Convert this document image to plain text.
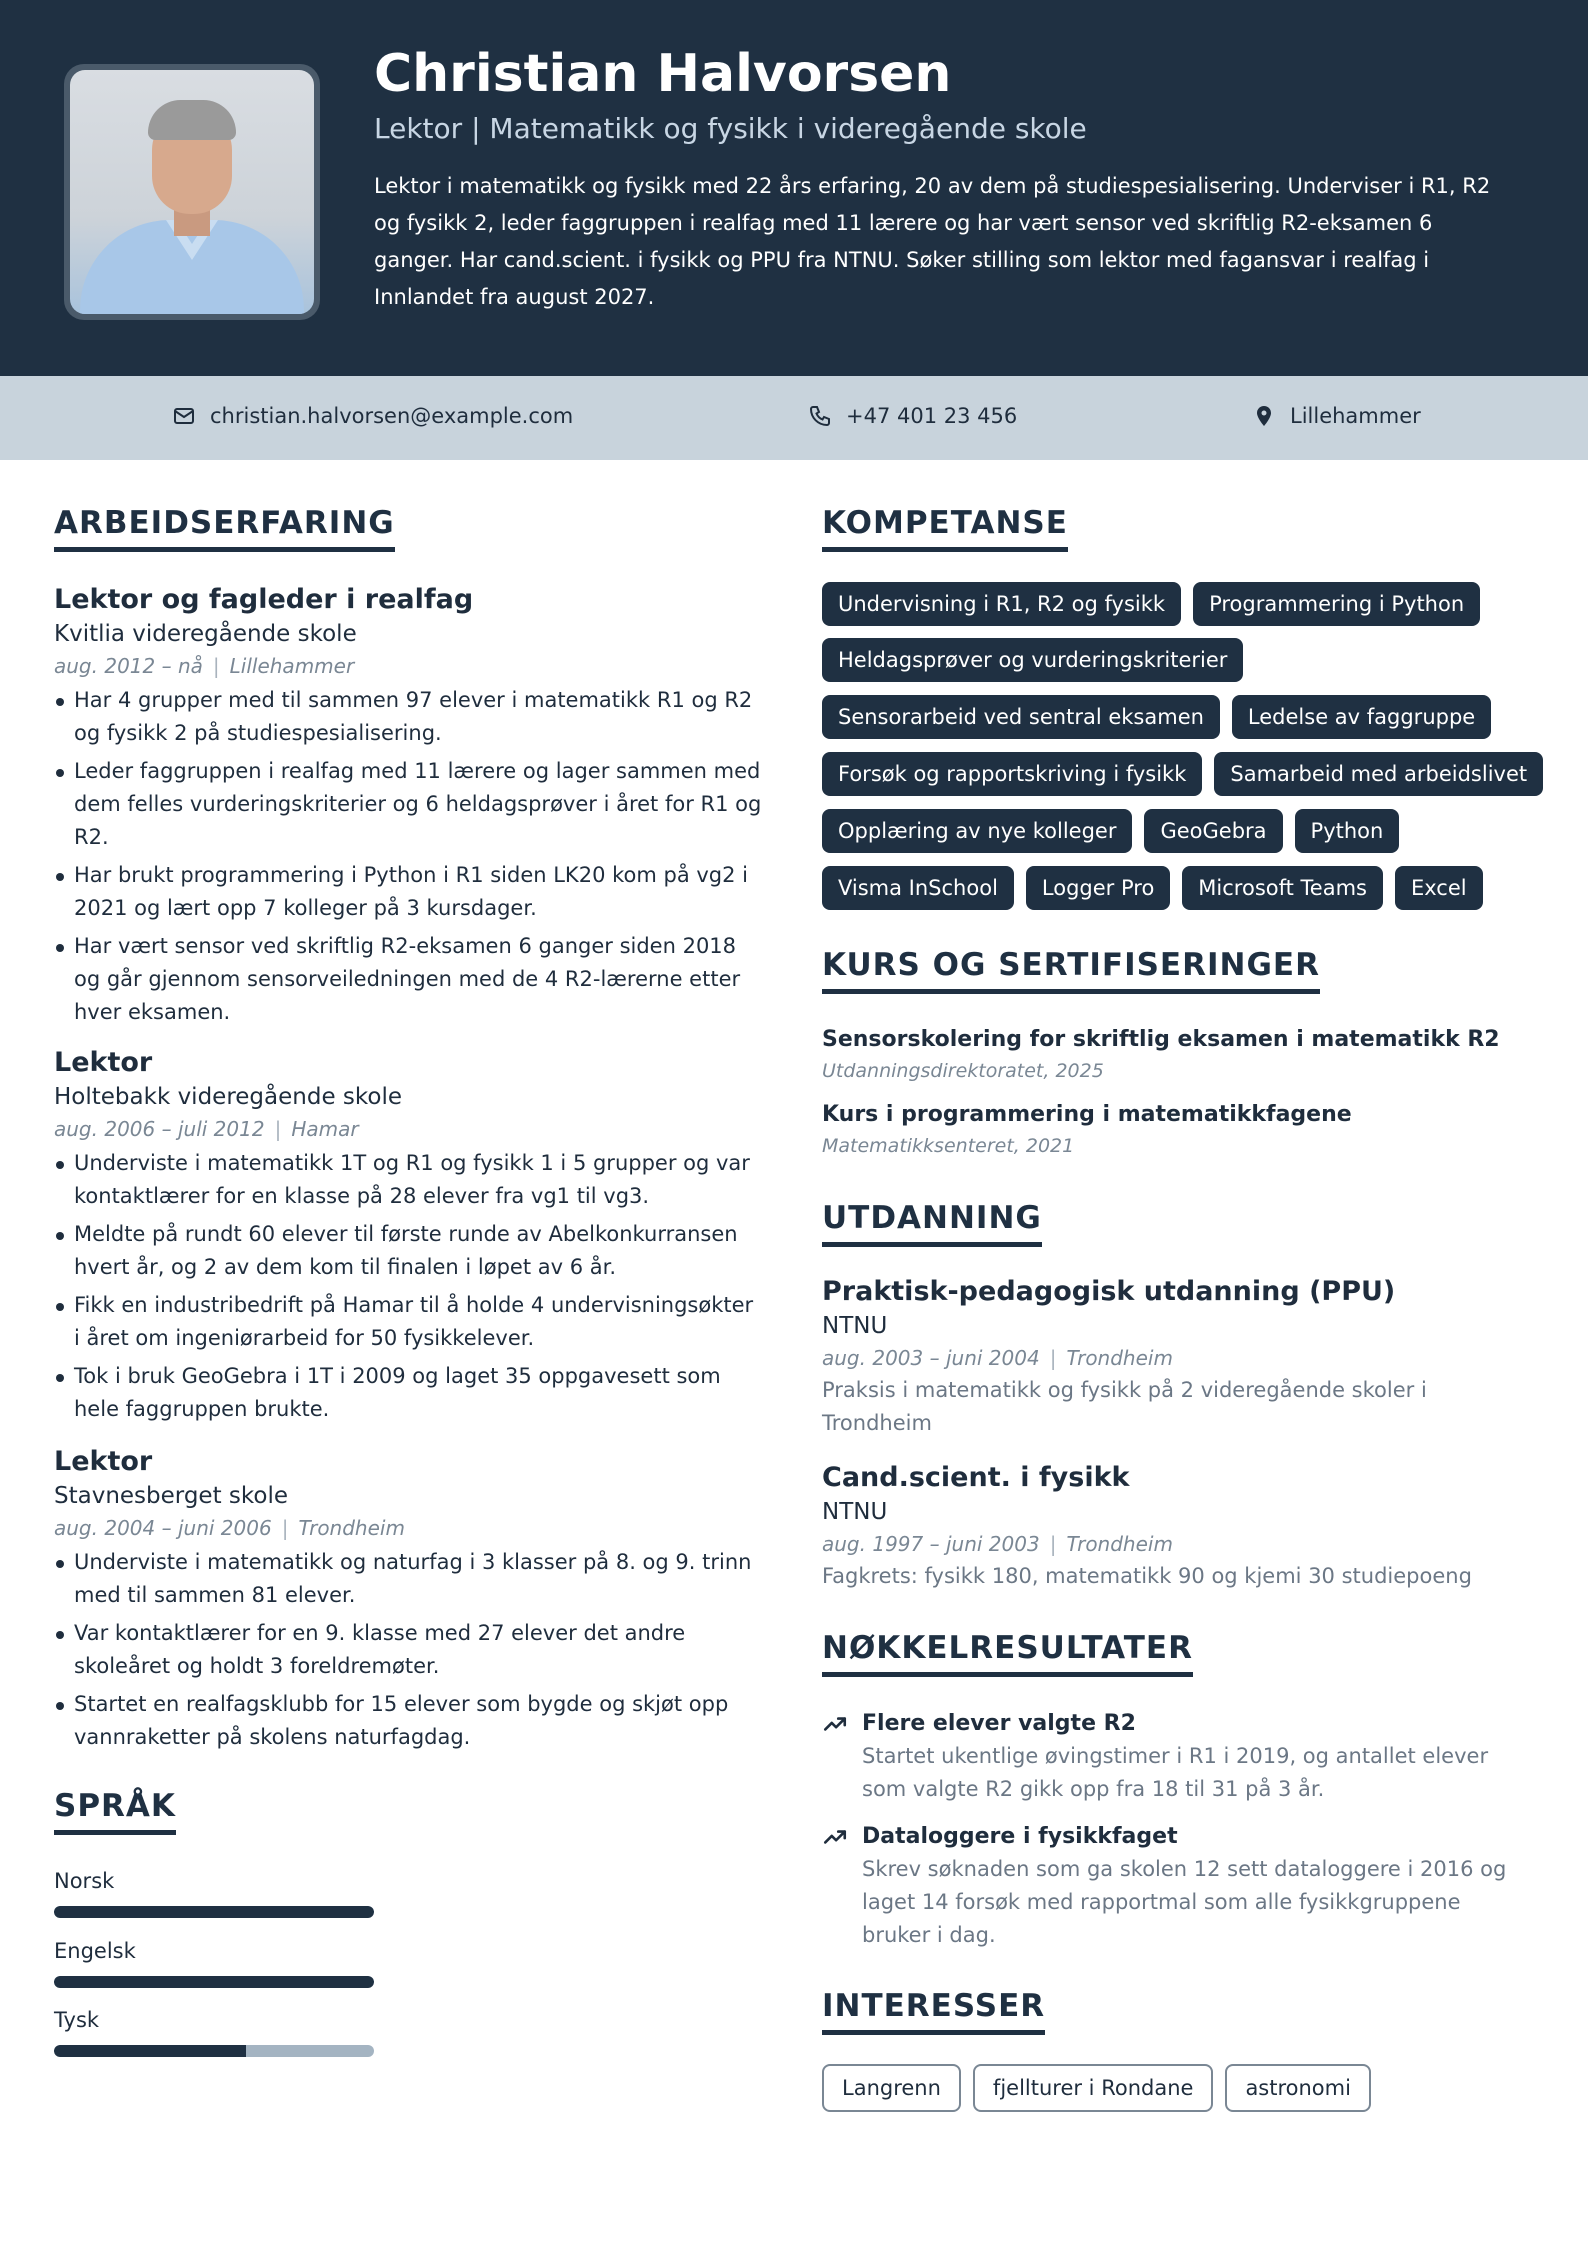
Christian Halvorsen
Lektor | Matematikk og fysikk i videregående skole
Lektor i matematikk og fysikk med 22 års erfaring, 20 av dem på studiespesialisering. Underviser i R1, R2 og fysikk 2, leder faggruppen i realfag med 11 lærere og har vært sensor ved skriftlig R2-eksamen 6 ganger. Har cand.scient. i fysikk og PPU fra NTNU. Søker stilling som lektor med fagansvar i realfag i Innlandet fra august 2027.
christian.halvorsen@example.com	+47 401 23 456	Lillehammer
ARBEIDSERFARING
Lektor og fagleder i realfag
Kvitlia videregående skole
aug. 2012 – nå | Lillehammer
Har 4 grupper med til sammen 97 elever i matematikk R1 og R2 og fysikk 2 på studiespesialisering.
Leder faggruppen i realfag med 11 lærere og lager sammen med dem felles vurderingskriterier og 6 heldagsprøver i året for R1 og R2.
Har brukt programmering i Python i R1 siden LK20 kom på vg2 i 2021 og lært opp 7 kolleger på 3 kursdager.
Har vært sensor ved skriftlig R2-eksamen 6 ganger siden 2018 og går gjennom sensorveiledningen med de 4 R2-lærerne etter hver eksamen.
Lektor
Holtebakk videregående skole
aug. 2006 – juli 2012 | Hamar
Underviste i matematikk 1T og R1 og fysikk 1 i 5 grupper og var kontaktlærer for en klasse på 28 elever fra vg1 til vg3.
Meldte på rundt 60 elever til første runde av Abelkonkurransen hvert år, og 2 av dem kom til finalen i løpet av 6 år.
Fikk en industribedrift på Hamar til å holde 4 undervisningsøkter i året om ingeniørarbeid for 50 fysikkelever.
Tok i bruk GeoGebra i 1T i 2009 og laget 35 oppgavesett som hele faggruppen brukte.
Lektor
Stavnesberget skole
aug. 2004 – juni 2006 | Trondheim
Underviste i matematikk og naturfag i 3 klasser på 8. og 9. trinn med til sammen 81 elever.
Var kontaktlærer for en 9. klasse med 27 elever det andre skoleåret og holdt 3 foreldremøter.
Startet en realfagsklubb for 15 elever som bygde og skjøt opp vannraketter på skolens naturfagdag.
SPRÅK
Norsk
Engelsk
Tysk
KOMPETANSE
Undervisning i R1, R2 og fysikk	Programmering i Python
Heldagsprøver og vurderingskriterier
Sensorarbeid ved sentral eksamen	Ledelse av faggruppe
Forsøk og rapportskriving i fysikk	Samarbeid med arbeidslivet
Opplæring av nye kolleger	GeoGebra	Python
Visma InSchool	Logger Pro	Microsoft Teams	Excel
KURS OG SERTIFISERINGER
Sensorskolering for skriftlig eksamen i matematikk R2
Utdanningsdirektoratet, 2025
Kurs i programmering i matematikkfagene
Matematikksenteret, 2021
UTDANNING
Praktisk-pedagogisk utdanning (PPU)
NTNU
aug. 2003 – juni 2004 | Trondheim
Praksis i matematikk og fysikk på 2 videregående skoler i Trondheim
Cand.scient. i fysikk
NTNU
aug. 1997 – juni 2003 | Trondheim
Fagkrets: fysikk 180, matematikk 90 og kjemi 30 studiepoeng
NØKKELRESULTATER
Flere elever valgte R2
Startet ukentlige øvingstimer i R1 i 2019, og antallet elever som valgte R2 gikk opp fra 18 til 31 på 3 år.
Dataloggere i fysikkfaget
Skrev søknaden som ga skolen 12 sett dataloggere i 2016 og laget 14 forsøk med rapportmal som alle fysikkgruppene bruker i dag.
INTERESSER
Langrenn	fjellturer i Rondane	astronomi
